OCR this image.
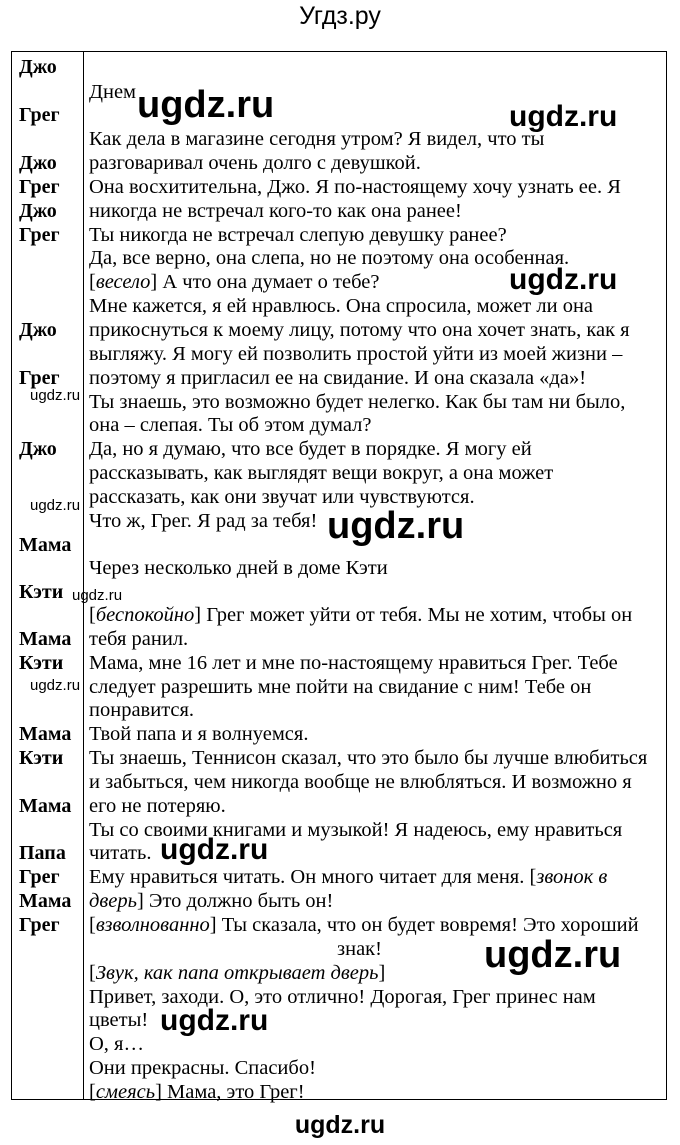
Угдз.ру
Джо
Грег
Джо
Грег
Джо
Грег
Джо
Грег
Джо
Мама
Кэти
Мама
Кэти
Мама
Кэти
Мама
Папа
Грег
Мама
Грег
Днем
Как дела в магазине сегодня утром? Я видел, что ты
разговаривал очень долго с девушкой.
Она восхитительна, Джо. Я по-настоящему хочу узнать ее. Я
никогда не встречал кого-то как она ранее!
Ты никогда не встречал слепую девушку ранее?
Да, все верно, она слепа, но не поэтому она особенная.
[весело] А что она думает о тебе?
Мне кажется, я ей нравлюсь. Она спросила, может ли она
прикоснуться к моему лицу, потому что она хочет знать, как я
выгляжу. Я могу ей позволить простой уйти из моей жизни –
поэтому я пригласил ее на свидание. И она сказала «да»!
Ты знаешь, это возможно будет нелегко. Как бы там ни было,
она – слепая. Ты об этом думал?
Да, но я думаю, что все будет в порядке. Я могу ей
рассказывать, как выглядят вещи вокруг, а она может
рассказать, как они звучат или чувствуются.
Что ж, Грег. Я рад за тебя!
Через несколько дней в доме Кэти
[беспокойно] Грег может уйти от тебя. Мы не хотим, чтобы он
тебя ранил.
Мама, мне 16 лет и мне по-настоящему нравиться Грег. Тебе
следует разрешить мне пойти на свидание с ним! Тебе он
понравится.
Твой папа и я волнуемся.
Ты знаешь, Теннисон сказал, что это было бы лучше влюбиться
и забыться, чем никогда вообще не влюбляться. И возможно я
его не потеряю.
Ты со своими книгами и музыкой! Я надеюсь, ему нравиться
читать.
Ему нравиться читать. Он много читает для меня. [звонок в
дверь] Это должно быть он!
[взволнованно] Ты сказала, что он будет вовремя! Это хороший
знак!
[Звук, как папа открывает дверь]
Привет, заходи. О, это отлично! Дорогая, Грег принес нам
цветы!
О, я…
Они прекрасны. Спасибо!
[смеясь] Мама, это Грег!
ugdz.ru	ugdz.ru
ugdz.ru
ugdz.ru
ugdz.ru	ugdz.ru
ugdz.ru
ugdz.ru
ugdz.ru
ugdz.ru
ugdz.ru
ugdz.ru
